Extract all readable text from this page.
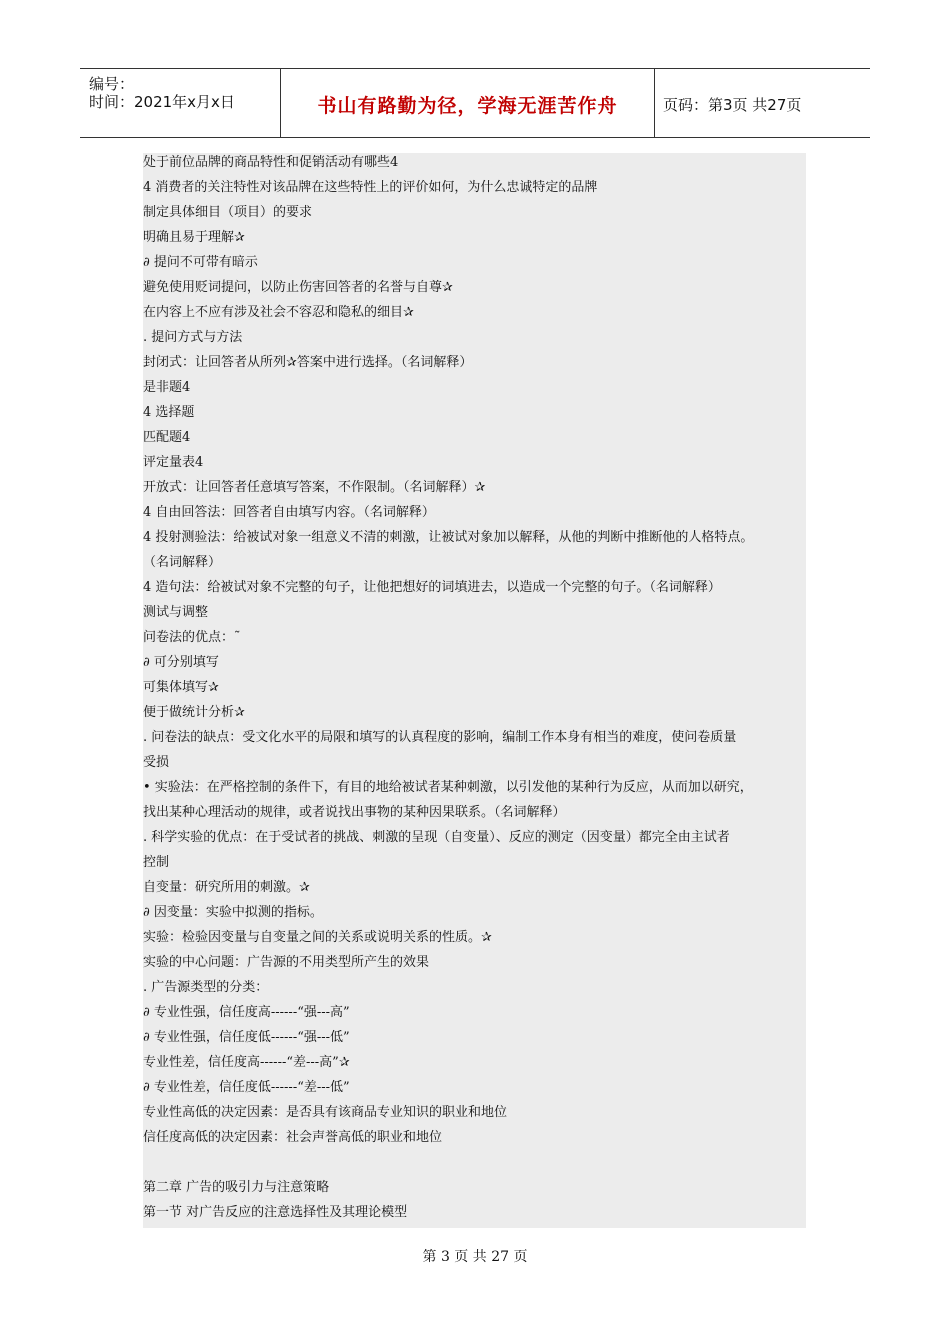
编号：
时间：2021年x月x日	书山有路勤为径，学海无涯苦作舟	页码：第3页 共27页
处于前位品牌的商品特性和促销活动有哪些4
4 消费者的关注特性对该品牌在这些特性上的评价如何，为什么忠诚特定的品牌
制定具体细目（项目）的要求
明确且易于理解✰
∂ 提问不可带有暗示
避免使用贬词提问，以防止伤害回答者的名誉与自尊✰
在内容上不应有涉及社会不容忍和隐私的细目✰
. 提问方式与方法
封闭式：让回答者从所列✰答案中进行选择。（名词解释）
是非题4
4 选择题
匹配题4
评定量表4
开放式：让回答者任意填写答案，不作限制。（名词解释）✰
4 自由回答法：回答者自由填写内容。（名词解释）
4 投射测验法：给被试对象一组意义不清的刺激，让被试对象加以解释，从他的判断中推断他的人格特点。
（名词解释）
4 造句法：给被试对象不完整的句子，让他把想好的词填进去，以造成一个完整的句子。（名词解释）
测试与调整
问卷法的优点：˜
∂ 可分别填写
可集体填写✰
便于做统计分析✰
. 问卷法的缺点：受文化水平的局限和填写的认真程度的影响，编制工作本身有相当的难度，使问卷质量
受损
• 实验法：在严格控制的条件下，有目的地给被试者某种刺激，以引发他的某种行为反应，从而加以研究，
找出某种心理活动的规律，或者说找出事物的某种因果联系。（名词解释）
. 科学实验的优点：在于受试者的挑战、刺激的呈现（自变量）、反应的测定（因变量）都完全由主试者
控制
自变量：研究所用的刺激。✰
∂ 因变量：实验中拟测的指标。
实验：检验因变量与自变量之间的关系或说明关系的性质。✰
实验的中心问题：广告源的不用类型所产生的效果
. 广告源类型的分类：
∂ 专业性强，信任度高------“强---高”
∂ 专业性强，信任度低------“强---低”
专业性差，信任度高------“差---高”✰
∂ 专业性差，信任度低------“差---低”
专业性高低的决定因素：是否具有该商品专业知识的职业和地位
信任度高低的决定因素：社会声誉高低的职业和地位
第二章 广告的吸引力与注意策略
第一节 对广告反应的注意选择性及其理论模型
第 3 页 共 27 页
